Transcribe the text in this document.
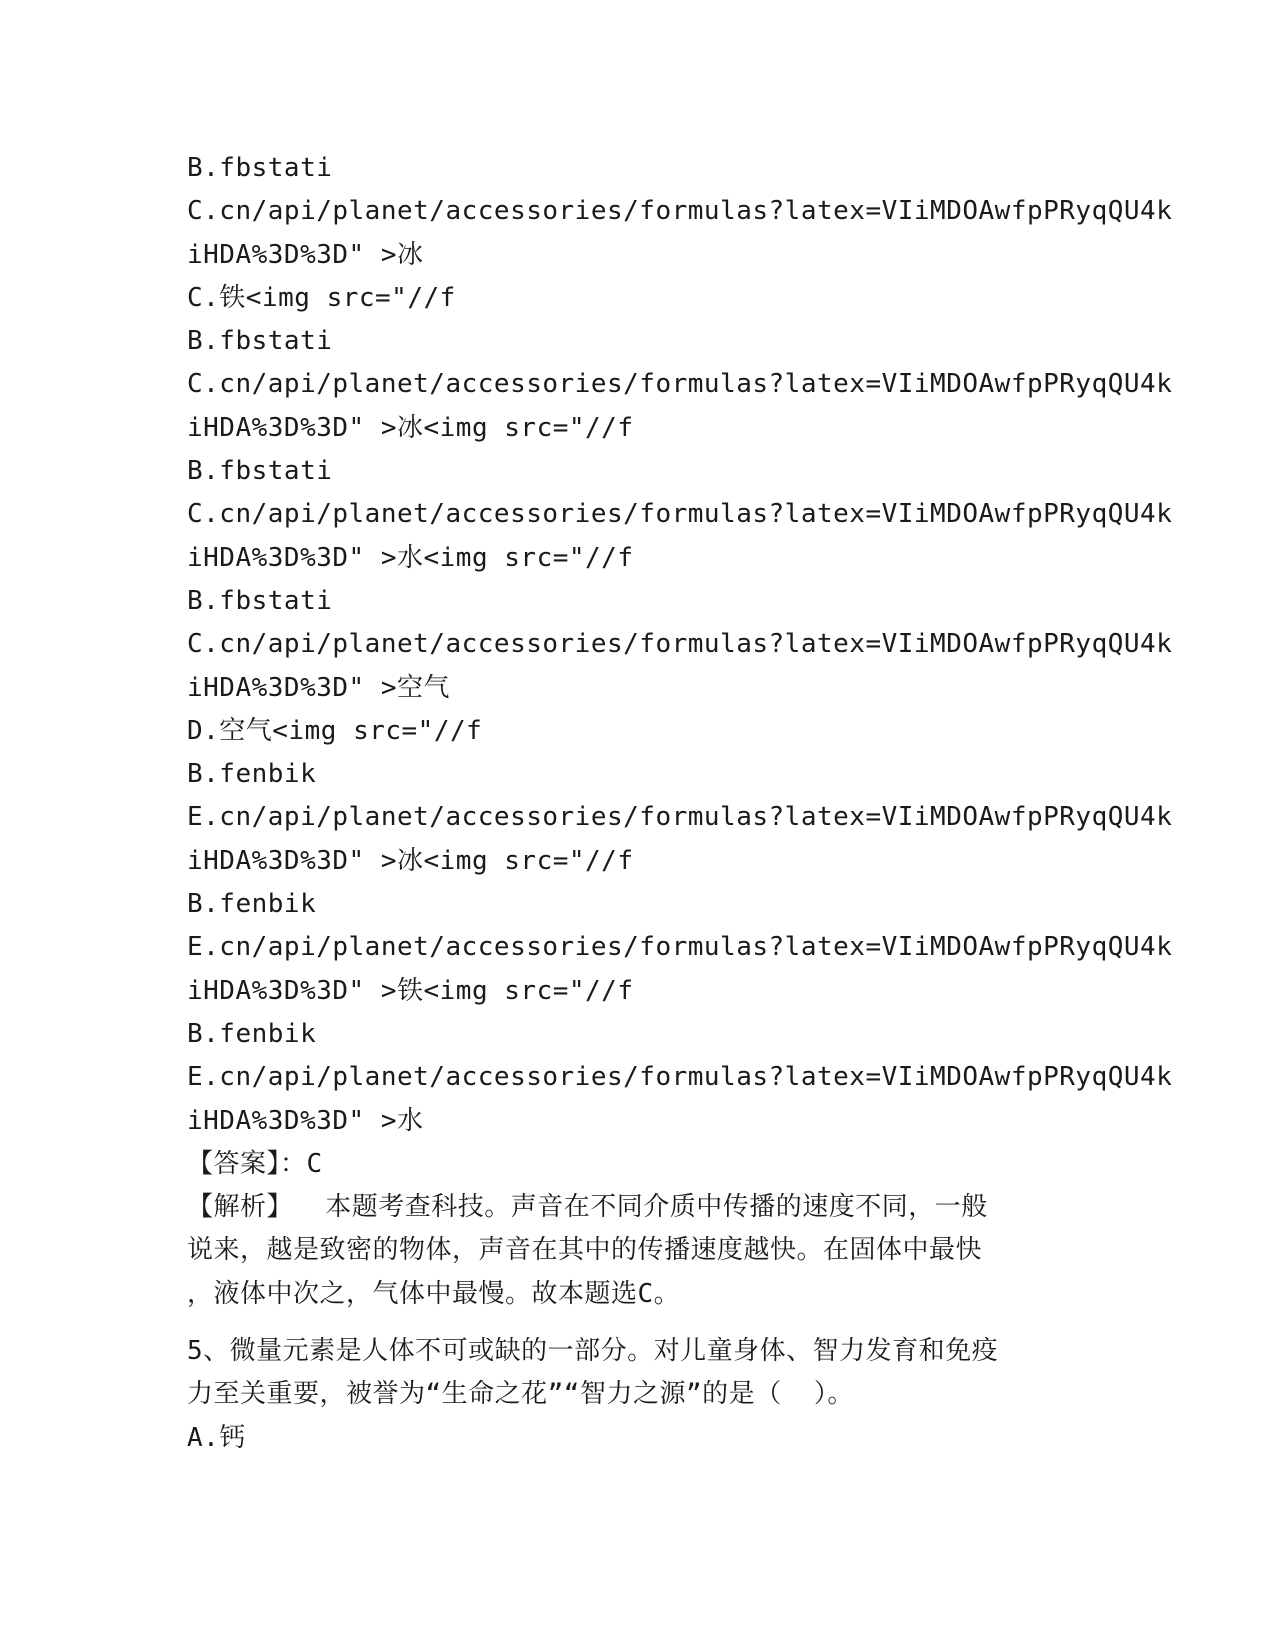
B.fbstati
C.cn/api/planet/accessories/formulas?latex=VIiMDOAwfpPRyqQU4k
iHDA%3D%3D" >冰
C.铁<img src="//f
B.fbstati
C.cn/api/planet/accessories/formulas?latex=VIiMDOAwfpPRyqQU4k
iHDA%3D%3D" >冰<img src="//f
B.fbstati
C.cn/api/planet/accessories/formulas?latex=VIiMDOAwfpPRyqQU4k
iHDA%3D%3D" >水<img src="//f
B.fbstati
C.cn/api/planet/accessories/formulas?latex=VIiMDOAwfpPRyqQU4k
iHDA%3D%3D" >空气
D.空气<img src="//f
B.fenbik
E.cn/api/planet/accessories/formulas?latex=VIiMDOAwfpPRyqQU4k
iHDA%3D%3D" >冰<img src="//f
B.fenbik
E.cn/api/planet/accessories/formulas?latex=VIiMDOAwfpPRyqQU4k
iHDA%3D%3D" >铁<img src="//f
B.fenbik
E.cn/api/planet/accessories/formulas?latex=VIiMDOAwfpPRyqQU4k
iHDA%3D%3D" >水
【答案】：C
【解析】  本题考查科技。声音在不同介质中传播的速度不同，一般
说来，越是致密的物体，声音在其中的传播速度越快。在固体中最快
，液体中次之，气体中最慢。故本题选C。
5、微量元素是人体不可或缺的一部分。对儿童身体、智力发育和免疫
力至关重要，被誉为“生命之花”“智力之源”的是（  ）。
A.钙
